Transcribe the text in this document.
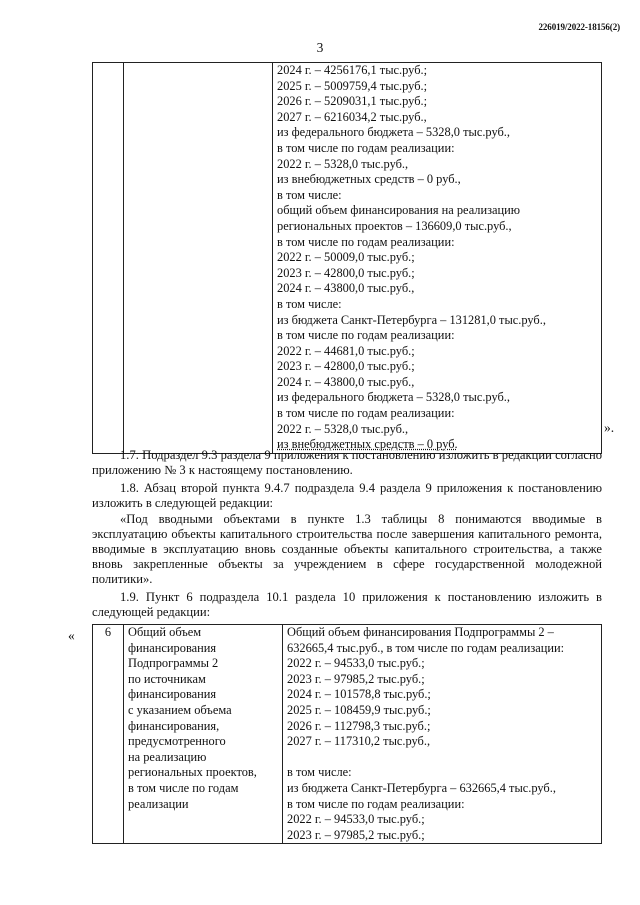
226019/2022-18156(2)
3

2024 г. – 4256176,1 тыс.руб.;
2025 г. – 5009759,4 тыс.руб.;
2026 г. – 5209031,1 тыс.руб.;
2027 г. – 6216034,2 тыс.руб.,
из федерального бюджета – 5328,0 тыс.руб.,
в том числе по годам реализации:
2022 г. – 5328,0 тыс.руб.,
из внебюджетных средств – 0 руб.,
в том числе:
общий объем финансирования на реализацию
региональных проектов – 136609,0 тыс.руб.,
в том числе по годам реализации:
2022 г. – 50009,0 тыс.руб.;
2023 г. – 42800,0 тыс.руб.;
2024 г. – 43800,0 тыс.руб.,
в том числе:
из бюджета Санкт-Петербурга – 131281,0 тыс.руб.,
в том числе по годам реализации:
2022 г. – 44681,0 тыс.руб.;
2023 г. – 42800,0 тыс.руб.;
2024 г. – 43800,0 тыс.руб.,
из федерального бюджета – 5328,0 тыс.руб.,
в том числе по годам реализации:
2022 г. – 5328,0 тыс.руб.,
из внебюджетных средств – 0 руб.
».
1.7. Подраздел 9.3 раздела 9 приложения к постановлению изложить в редакции согласно приложению № 3 к настоящему постановлению.
1.8. Абзац второй пункта 9.4.7 подраздела 9.4 раздела 9 приложения к постановлению изложить в следующей редакции:
«Под вводными объектами в пункте 1.3 таблицы 8 понимаются вводимые в эксплуатацию объекты капитального строительства после завершения капитального ремонта, вводимые в эксплуатацию вновь созданные объекты капитального строительства, а также вновь закрепленные объекты за учреждением в сфере государственной молодежной политики».
1.9. Пункт 6 подраздела 10.1 раздела 10 приложения к постановлению изложить в следующей редакции:
«	6	Общий объем
финансирования
Подпрограммы 2
по источникам
финансирования
с указанием объема
финансирования,
предусмотренного
на реализацию
региональных проектов,
в том числе по годам
реализации

Общий объем финансирования Подпрограммы 2 –
632665,4 тыс.руб., в том числе по годам реализации:
2022 г. – 94533,0 тыс.руб.;
2023 г. – 97985,2 тыс.руб.;
2024 г. – 101578,8 тыс.руб.;
2025 г. – 108459,9 тыс.руб.;
2026 г. – 112798,3 тыс.руб.;
2027 г. – 117310,2 тыс.руб.,
в том числе:
из бюджета Санкт-Петербурга – 632665,4 тыс.руб.,
в том числе по годам реализации:
2022 г. – 94533,0 тыс.руб.;
2023 г. – 97985,2 тыс.руб.;
